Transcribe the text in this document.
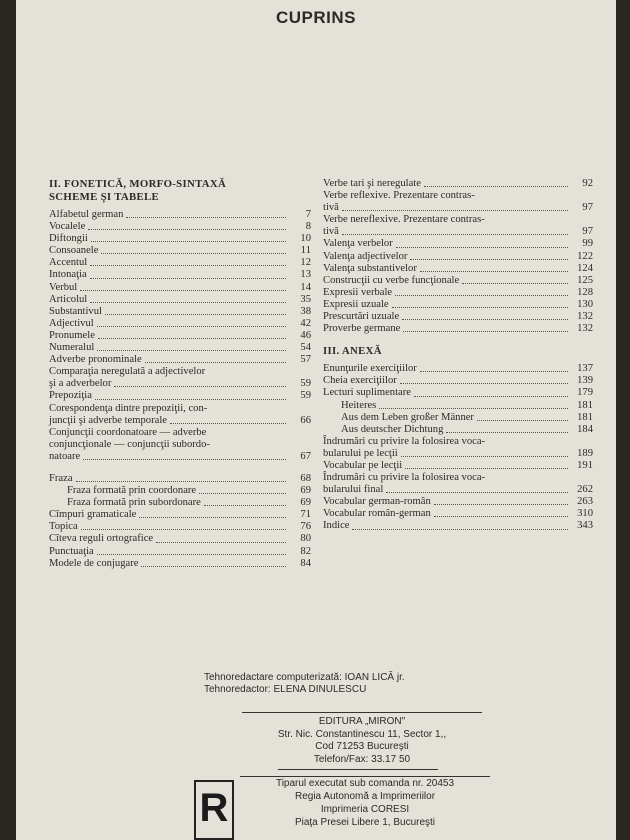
CUPRINS
II. FONETICĂ, MORFO-SINTAXĂ
SCHEME ŞI TABELE
Alfabetul german	7
Vocalele	8
Diftongii	10
Consoanele	11
Accentul	12
Intonaţia	13
Verbul	14
Articolul	35
Substantivul	38
Adjectivul	42
Pronumele	46
Numeralul	54
Adverbe pronominale	57
Comparaţia neregulată a adjectivelor
şi a adverbelor	59
Prepoziţia	59
Corespondenţa dintre prepoziţii, con-
juncţii şi adverbe temporale	66
Conjuncţii coordonatoare — adverbe
conjuncţionale — conjuncţii subordo-
natoare	67
Fraza	68
Fraza formată prin coordonare	69
Fraza formată prin subordonare	69
Cîmpuri gramaticale	71
Topica	76
Cîteva reguli ortografice	80
Punctuaţia	82
Modele de conjugare	84
Verbe tari şi neregulate	92
Verbe reflexive. Prezentare contras-
tivă	97
Verbe nereflexive. Prezentare contras-
tivă	97
Valenţa verbelor	99
Valenţa adjectivelor	122
Valenţa substantivelor	124
Construcţii cu verbe funcţionale	125
Expresii verbale	128
Expresii uzuale	130
Prescurtări uzuale	132
Proverbe germane	132
III. ANEXĂ
Enunţurile exerciţiilor	137
Cheia exerciţiilor	139
Lecturi suplimentare	179
Heiteres	181
Aus dem Leben großer Männer	181
Aus deutscher Dichtung	184
Îndrumări cu privire la folosirea voca-
bularului pe lecţii	189
Vocabular pe lecţii	191
Îndrumări cu privire la folosirea voca-
bularului final	262
Vocabular german-român	263
Vocabular român-german	310
Indice	343
Tehnoredactare computerizată: IOAN LICĂ jr.
Tehnoredactor: ELENA DINULESCU
EDITURA „MIRON"
Str. Nic. Constantinescu 11, Sector 1,,
Cod 71253 Bucureşti
Telefon/Fax: 33.17 50
R
Tiparul executat sub comanda nr. 20453
Regia Autonomă a Imprimeriilor
Imprimeria CORESI
Piaţa Presei Libere 1, Bucureşti
